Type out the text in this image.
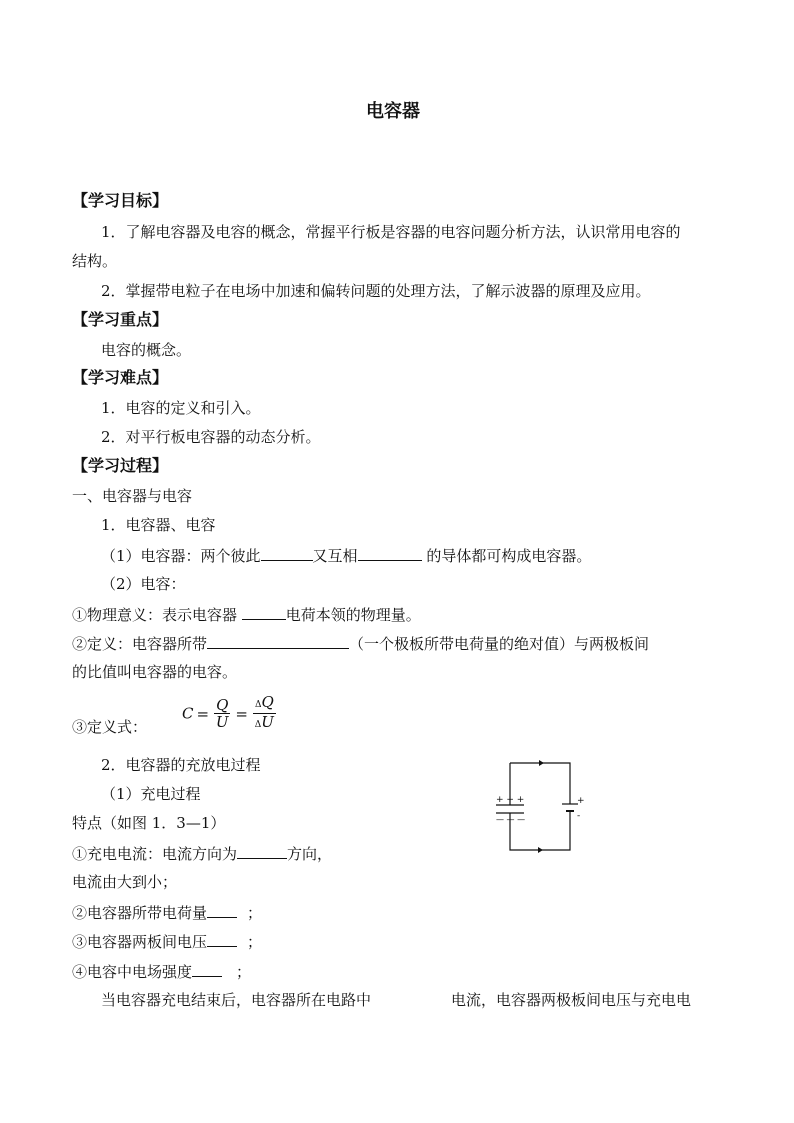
电容器
【学习目标】
1．了解电容器及电容的概念，常握平行板是容器的电容问题分析方法，认识常用电容的
结构。
2．掌握带电粒子在电场中加速和偏转问题的处理方法，了解示波器的原理及应用。
【学习重点】
电容的概念。
【学习难点】
1．电容的定义和引入。
2．对平行板电容器的动态分析。
【学习过程】
一、电容器与电容
1．电容器、电容
（1）电容器：两个彼此	又互相	的导体都可构成电容器。
（2）电容：
①物理意义：表示电容器	电荷本领的物理量。
②定义：电容器所带	（一个极板所带电荷量的绝对值）与两极板间
的比值叫电容器的电容。
③定义式：
$C = \frac{Q}{U} = \frac{\Delta Q}{\Delta U}$
2．电容器的充放电过程
（1）充电过程
特点（如图 1．3—1）
①充电电流：电流方向为	方向，
电流由大到小；
②电容器所带电荷量	；
③电容器两板间电压	；
④电容中电场强度	；
当电容器充电结束后，电容器所在电路中	电流，电容器两极板间电压与充电电
+ + +
— — —
+
-
